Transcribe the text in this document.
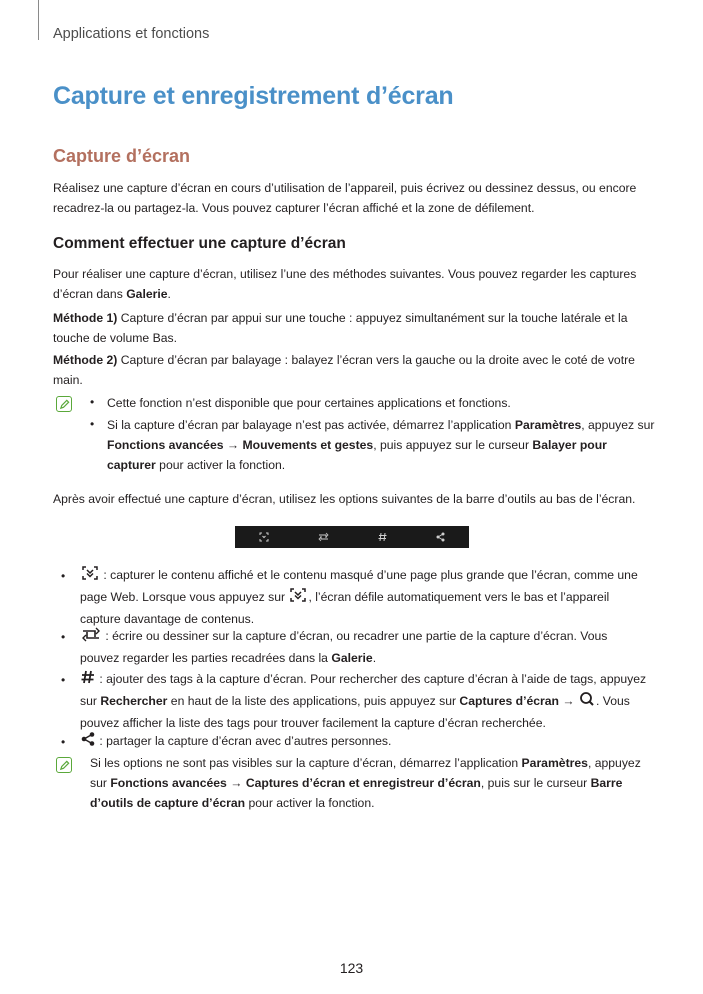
Applications et fonctions
Capture et enregistrement d’écran
Capture d’écran
Réalisez une capture d’écran en cours d’utilisation de l’appareil, puis écrivez ou dessinez dessus, ou encore recadrez-la ou partagez-la. Vous pouvez capturer l’écran affiché et la zone de défilement.
Comment effectuer une capture d’écran
Pour réaliser une capture d’écran, utilisez l’une des méthodes suivantes. Vous pouvez regarder les captures d’écran dans Galerie.
Méthode 1) Capture d’écran par appui sur une touche : appuyez simultanément sur la touche latérale et la touche de volume Bas.
Méthode 2) Capture d’écran par balayage : balayez l’écran vers la gauche ou la droite avec le coté de votre main.
• Cette fonction n’est disponible que pour certaines applications et fonctions.
• Si la capture d’écran par balayage n’est pas activée, démarrez l’application Paramètres, appuyez sur Fonctions avancées → Mouvements et gestes, puis appuyez sur le curseur Balayer pour capturer pour activer la fonction.
Après avoir effectué une capture d’écran, utilisez les options suivantes de la barre d’outils au bas de l’écran.
•	: capturer le contenu affiché et le contenu masqué d’une page plus grande que l’écran, comme une page Web. Lorsque vous appuyez sur , l’écran défile automatiquement vers le bas et l’appareil capture davantage de contenus.
•	: écrire ou dessiner sur la capture d’écran, ou recadrer une partie de la capture d’écran. Vous pouvez regarder les parties recadrées dans la Galerie.
•	: ajouter des tags à la capture d’écran. Pour rechercher des capture d’écran à l’aide de tags, appuyez sur Rechercher en haut de la liste des applications, puis appuyez sur Captures d’écran → . Vous pouvez afficher la liste des tags pour trouver facilement la capture d’écran recherchée.
•	: partager la capture d’écran avec d’autres personnes.
Si les options ne sont pas visibles sur la capture d’écran, démarrez l’application Paramètres, appuyez sur Fonctions avancées → Captures d’écran et enregistreur d’écran, puis sur le curseur Barre d’outils de capture d’écran pour activer la fonction.
123
